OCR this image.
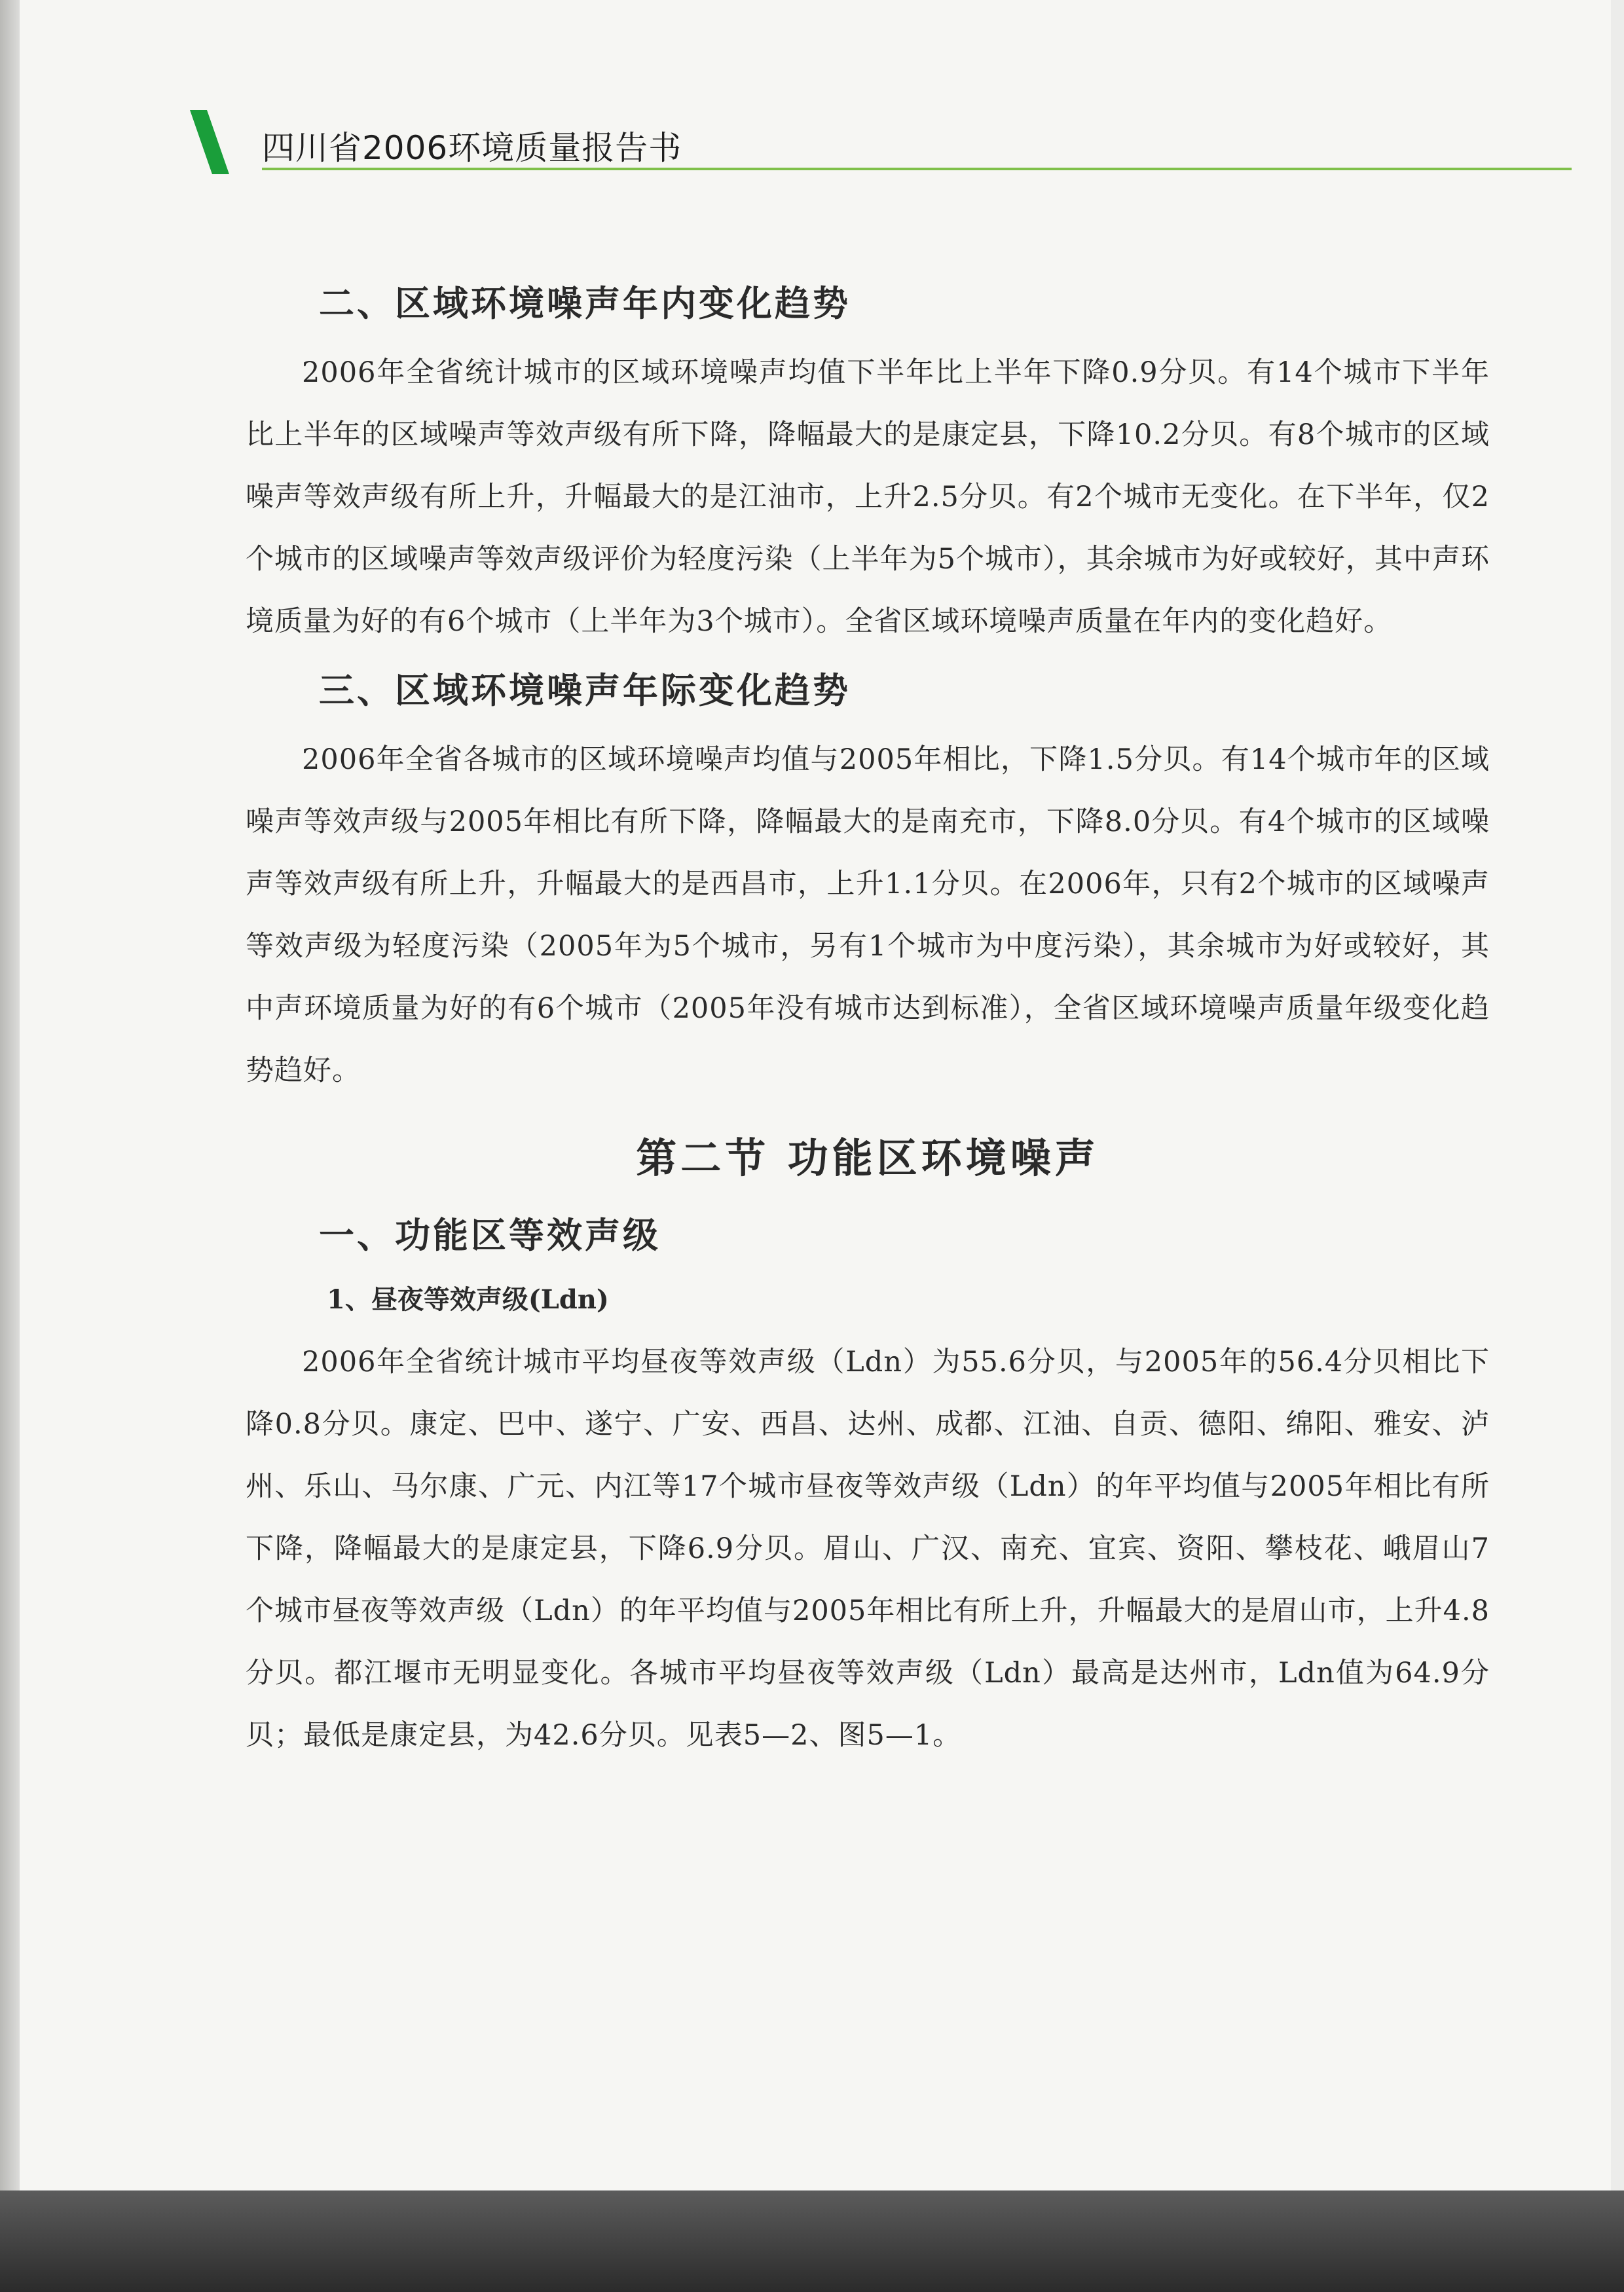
四川省2006环境质量报告书
二、区域环境噪声年内变化趋势

2006年全省统计城市的区域环境噪声均值下半年比上半年下降0.9分贝。有14个城市下半年比上半年的区域噪声等效声级有所下降，降幅最大的是康定县，下降10.2分贝。有8个城市的区域噪声等效声级有所上升，升幅最大的是江油市，上升2.5分贝。有2个城市无变化。在下半年，仅2个城市的区域噪声等效声级评价为轻度污染（上半年为5个城市），其余城市为好或较好，其中声环境质量为好的有6个城市（上半年为3个城市）。全省区域环境噪声质量在年内的变化趋好。

三、区域环境噪声年际变化趋势

2006年全省各城市的区域环境噪声均值与2005年相比，下降1.5分贝。有14个城市年的区域噪声等效声级与2005年相比有所下降，降幅最大的是南充市，下降8.0分贝。有4个城市的区域噪声等效声级有所上升，升幅最大的是西昌市，上升1.1分贝。在2006年，只有2个城市的区域噪声等效声级为轻度污染（2005年为5个城市，另有1个城市为中度污染），其余城市为好或较好，其中声环境质量为好的有6个城市（2005年没有城市达到标准），全省区域环境噪声质量年级变化趋势趋好。

第二节 功能区环境噪声
一、功能区等效声级
1、昼夜等效声级(Ldn)

2006年全省统计城市平均昼夜等效声级（Ldn）为55.6分贝，与2005年的56.4分贝相比下降0.8分贝。康定、巴中、遂宁、广安、西昌、达州、成都、江油、自贡、德阳、绵阳、雅安、泸州、乐山、马尔康、广元、内江等17个城市昼夜等效声级（Ldn）的年平均值与2005年相比有所下降，降幅最大的是康定县，下降6.9分贝。眉山、广汉、南充、宜宾、资阳、攀枝花、峨眉山7个城市昼夜等效声级（Ldn）的年平均值与2005年相比有所上升，升幅最大的是眉山市，上升4.8分贝。都江堰市无明显变化。各城市平均昼夜等效声级（Ldn）最高是达州市，Ldn值为64.9分贝；最低是康定县，为42.6分贝。见表5—2、图5—1。
